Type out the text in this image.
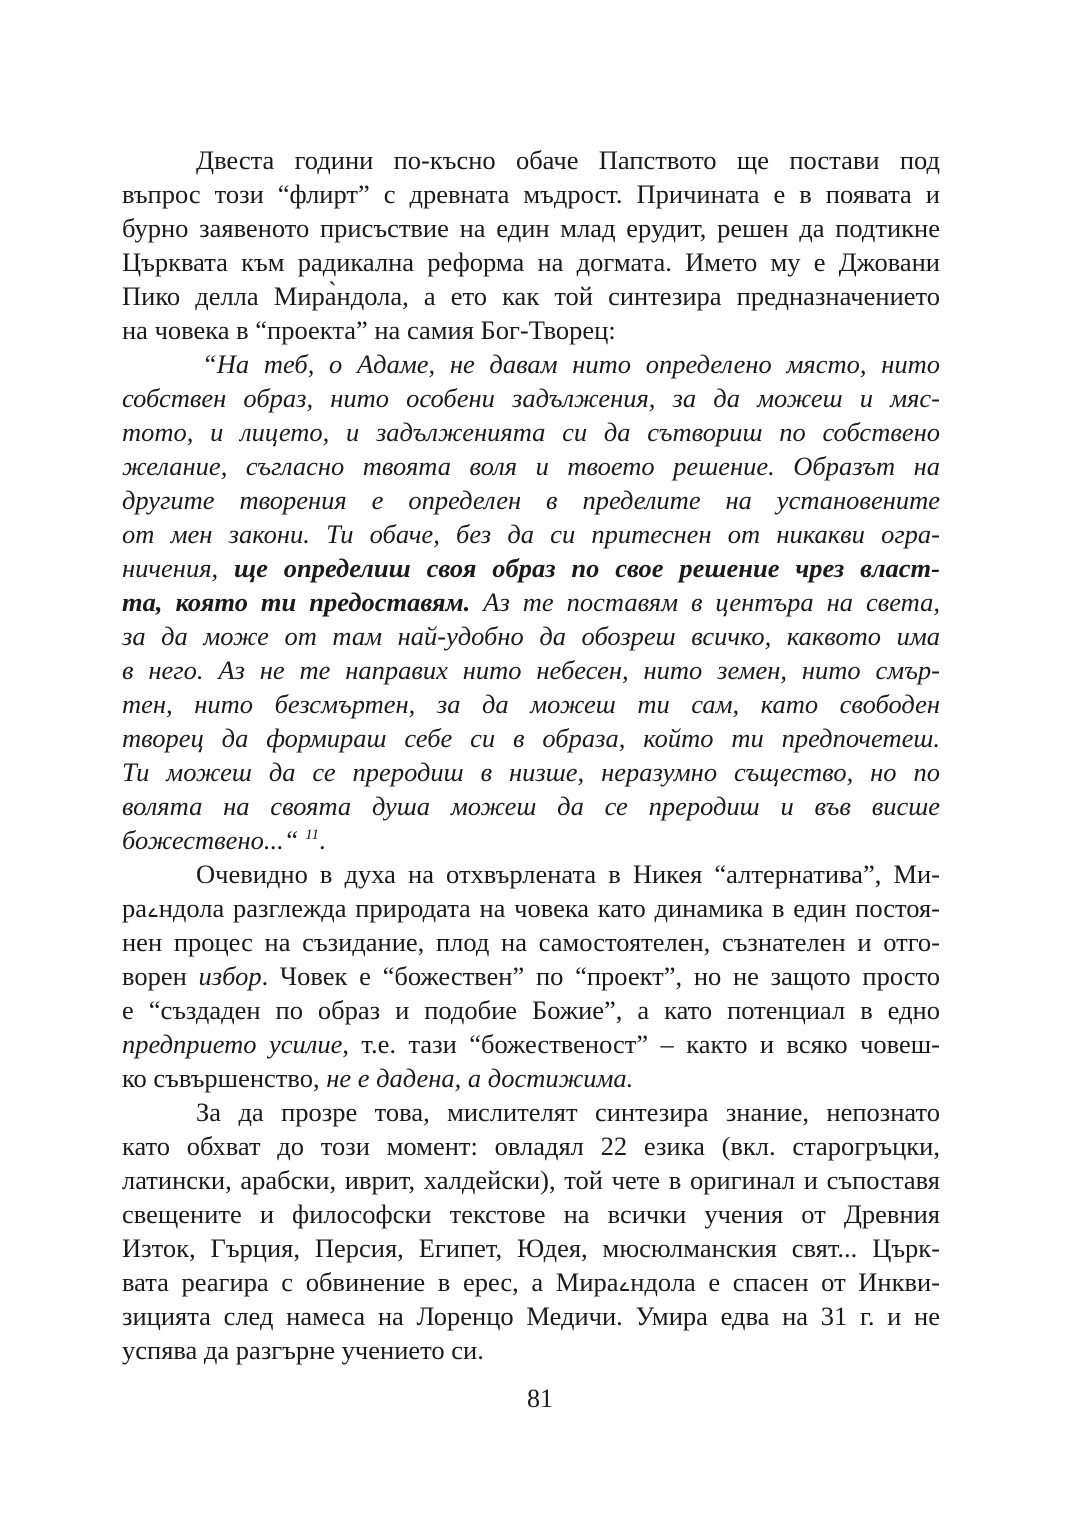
Двеста години по-късно обаче Папството ще постави под
въпрос този “флирт” с древната мъдрост. Причината е в появата и
бурно заявеното присъствие на един млад ерудит, решен да подтикне
Църквата към радикална реформа на догмата. Името му е Джовани
Пико делла Мира̀ндола, а ето как той синтезира предназначението
на човека в “проекта” на самия Бог-Творец:
“На теб, о Адаме, не давам нито определено място, нито
собствен образ, нито особени задължения, за да можеш и мяс-
тото, и лицето, и задълженията си да сътвориш по собствено
желание, съгласно твоята воля и твоето решение. Образът на
другите творения е определен в пределите на установените
от мен закони. Ти обаче, без да си притеснен от никакви огра-
ничения, ще определиш своя образ по свое решение чрез власт-
та, която ти предоставям. Аз те поставям в центъра на света,
за да може от там най-удобно да обозреш всичко, каквото има
в него. Аз не те направих нито небесен, нито земен, нито смър-
тен, нито безсмъртен, за да можеш ти сам, като свободен
творец да формираш себе си в образа, който ти предпочетеш.
Ти можеш да се преродиш в низше, неразумно същество, но по
волята на своята душа можеш да се преродиш и във висше
божествено...“ $^{11}$.
Очевидно в духа на отхвърлената в Никея “алтернатива”, Ми-
раࡉндола разглежда природата на човека като динамика в един постоя-
нен процес на съзидание, плод на самостоятелен, съзнателен и отго-
ворен избор. Човек е “божествен” по “проект”, но не защото просто
е “създаден по образ и подобие Божие”, а като потенциал в едно
предприето усилие, т.е. тази “божественост” – както и всяко човеш-
ко съвършенство, не е дадена, а достижима.
За да прозре това, мислителят синтезира знание, непознато
като обхват до този момент: овладял 22 езика (вкл. старогръцки,
латински, арабски, иврит, халдейски), той чете в оригинал и съпоставя
свещените и философски текстове на всички учения от Древния
Изток, Гърция, Персия, Египет, Юдея, мюсюлманския свят... Църк-
вата реагира с обвинение в ерес, а Мираࡉндола е спасен от Инкви-
зицията след намеса на Лоренцо Медичи. Умира едва на 31 г. и не
успява да разгърне учението си.
81
